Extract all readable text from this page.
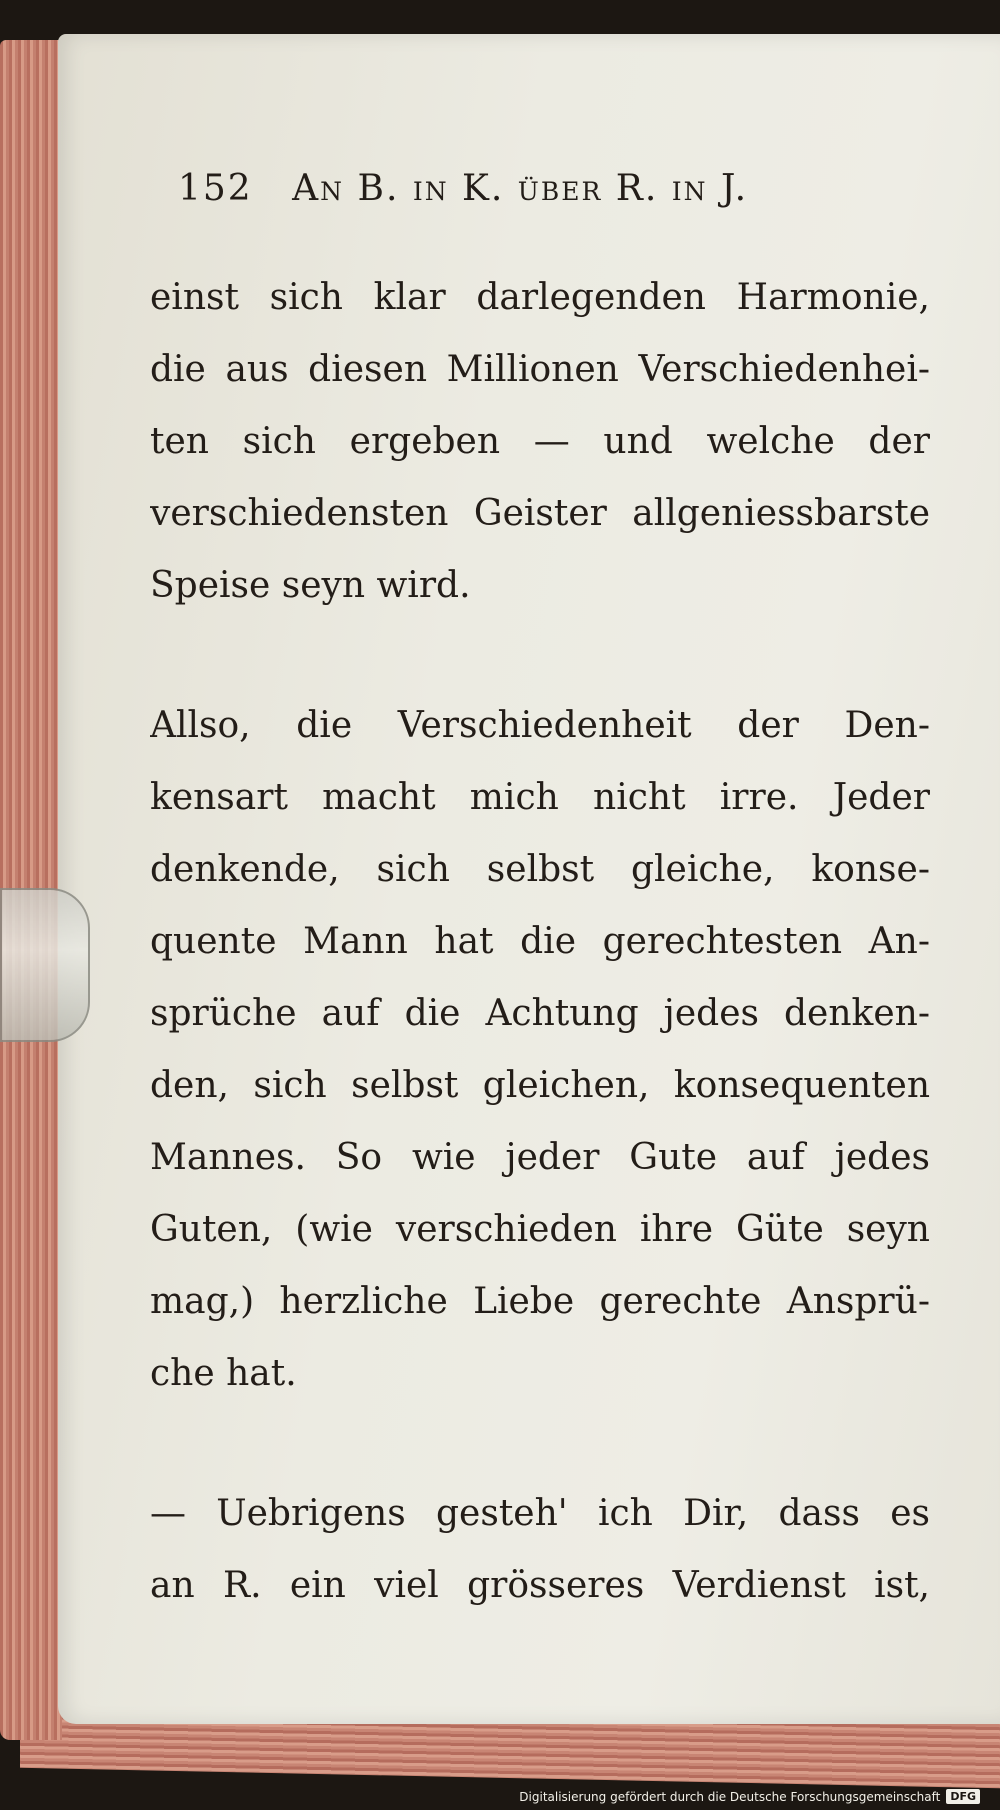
152 An B. in K. über R. in J.
einst sich klar darlegenden Harmonie,
die aus diesen Millionen Verschiedenhei-
ten sich ergeben — und welche der
verschiedensten Geister allgeniessbarste
Speise seyn wird.
Allso, die Verschiedenheit der Den-
kensart macht mich nicht irre. Jeder
denkende, sich selbst gleiche, konse-
quente Mann hat die gerechtesten An-
sprüche auf die Achtung jedes denken-
den, sich selbst gleichen, konsequenten
Mannes. So wie jeder Gute auf jedes
Guten, (wie verschieden ihre Güte seyn
mag,) herzliche Liebe gerechte Ansprü-
che hat.
— Uebrigens gesteh' ich Dir, dass es
an R. ein viel grösseres Verdienst ist,
Digitalisierung gefördert durch die Deutsche Forschungsgemeinschaft DFG
